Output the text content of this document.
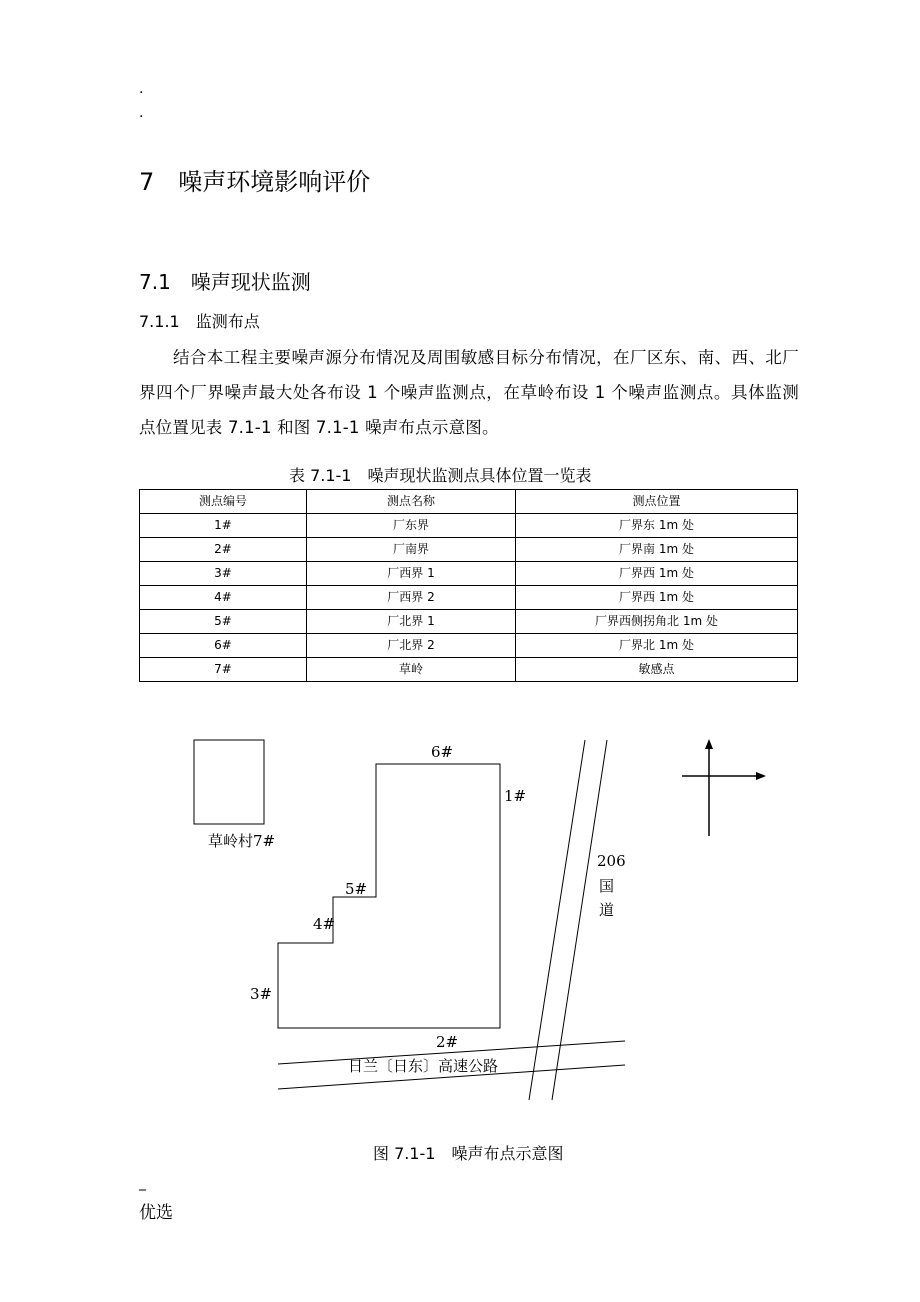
.
.
7　噪声环境影响评价
7.1　噪声现状监测
7.1.1　监测布点
结合本工程主要噪声源分布情况及周围敏感目标分布情况，在厂区东、南、西、北厂界四个厂界噪声最大处各布设 1 个噪声监测点，在草岭布设 1 个噪声监测点。具体监测点位置见表 7.1-1 和图 7.1-1 噪声布点示意图。
表 7.1-1　噪声现状监测点具体位置一览表
测点编号	测点名称	测点位置
1#	厂东界	厂界东 1m 处
2#	厂南界	厂界南 1m 处
3#	厂西界 1	厂界西 1m 处
4#	厂西界 2	厂界西 1m 处
5#	厂北界 1	厂界西侧拐角北 1m 处
6#	厂北界 2	厂界北 1m 处
7#	草岭	敏感点
草岭村7#
6#
1#
5#
4#
3#
2#
206
国
道
日兰〔日东〕高速公路
图 7.1-1　噪声布点示意图
_
优选
